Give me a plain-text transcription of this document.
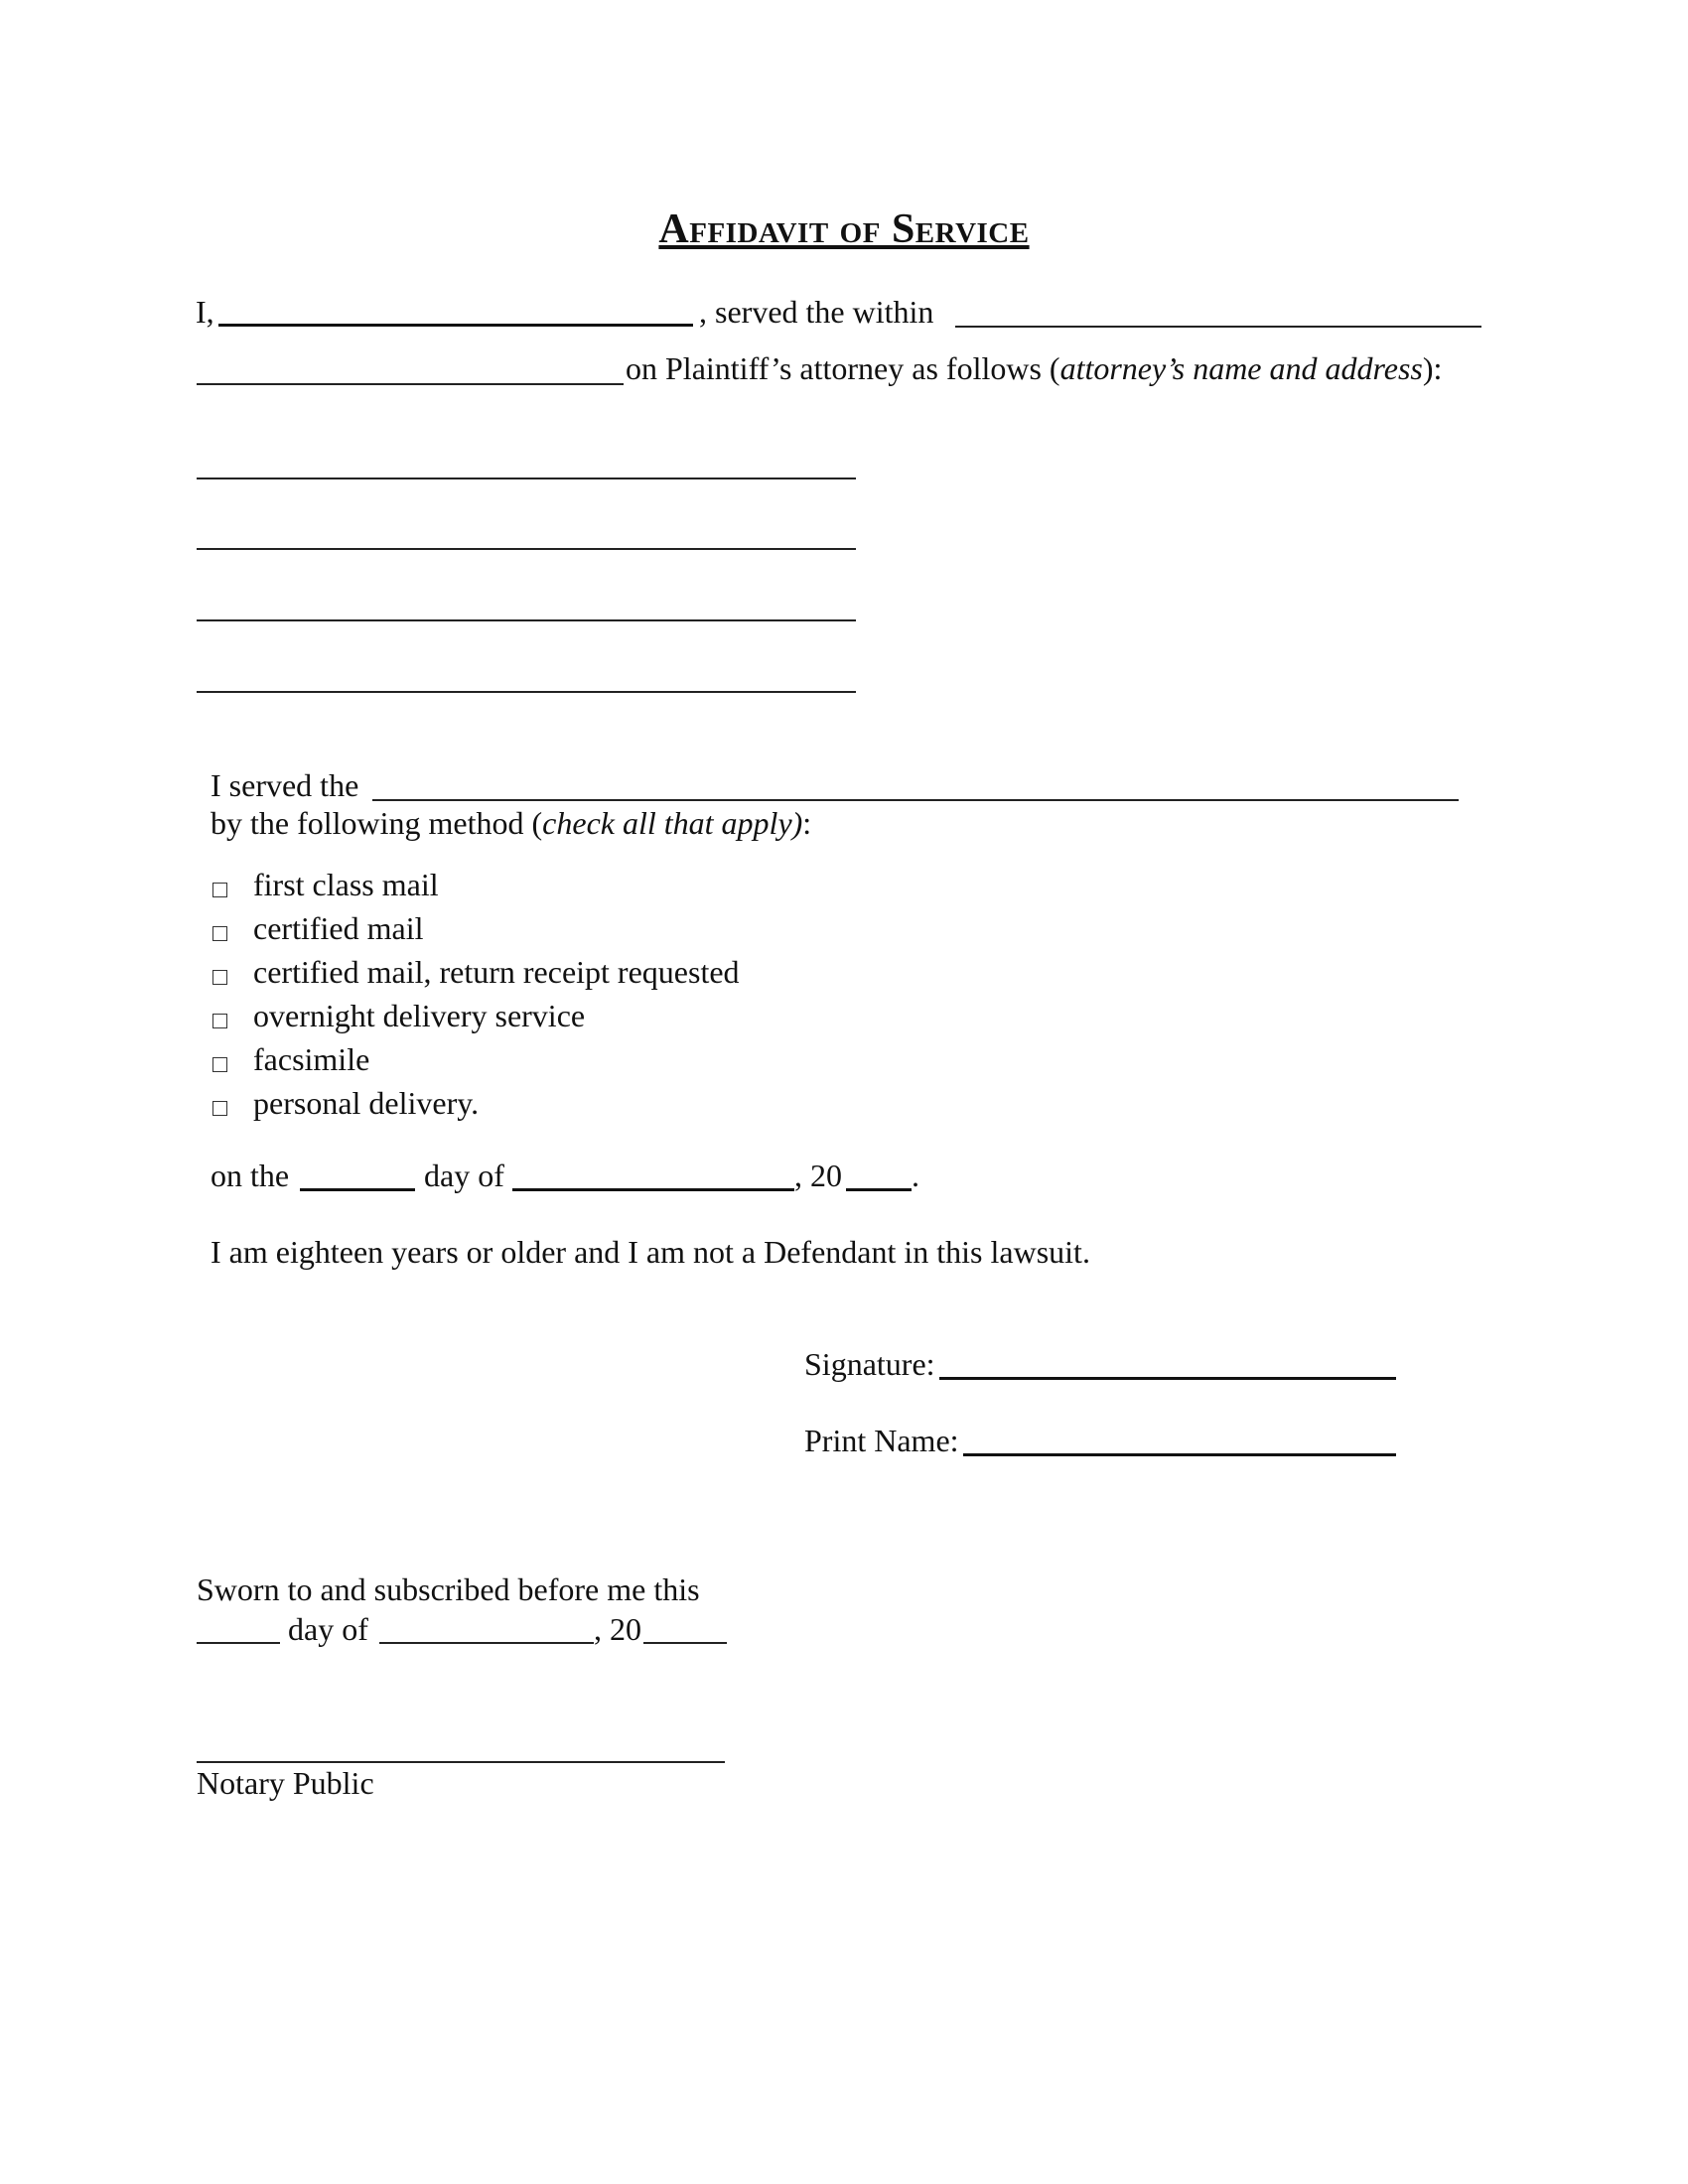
Affidavit of Service
I,	, served the within
on Plaintiff’s attorney as follows (attorney’s name and address):
I served the
by the following method (check all that apply):
first class mail
certified mail
certified mail, return receipt requested
overnight delivery service
facsimile
personal delivery.
on the	day of	, 20 .
I am eighteen years or older and I am not a Defendant in this lawsuit.
Signature:
Print Name:
Sworn to and subscribed before me this
day of	, 20
Notary Public
